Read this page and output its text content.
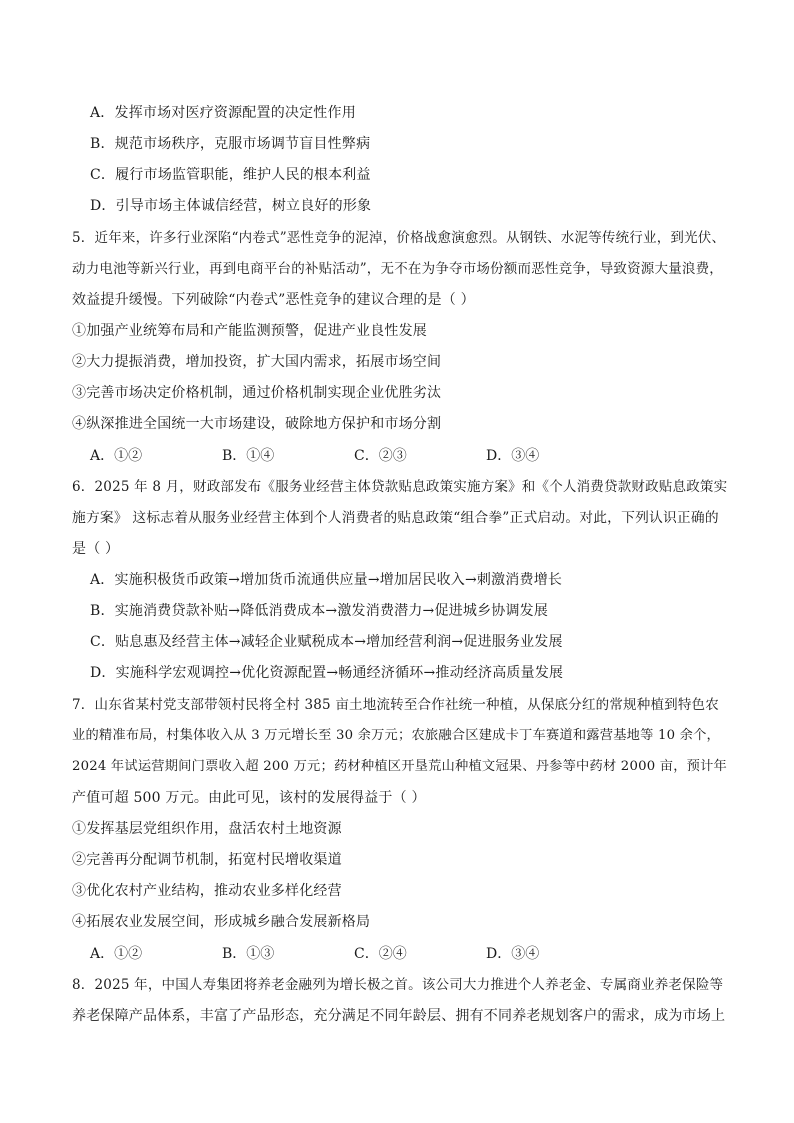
A．发挥市场对医疗资源配置的决定性作用
B．规范市场秩序，克服市场调节盲目性弊病
C．履行市场监管职能，维护人民的根本利益
D．引导市场主体诚信经营，树立良好的形象
5．近年来，许多行业深陷“内卷式”恶性竞争的泥淖，价格战愈演愈烈。从钢铁、水泥等传统行业，到光伏、
动力电池等新兴行业，再到电商平台的补贴活动”，无不在为争夺市场份额而恶性竞争，导致资源大量浪费，
效益提升缓慢。下列破除“内卷式”恶性竞争的建议合理的是（ ）
①加强产业统筹布局和产能监测预警，促进产业良性发展
②大力提振消费，增加投资，扩大国内需求，拓展市场空间
③完善市场决定价格机制，通过价格机制实现企业优胜劣汰
④纵深推进全国统一大市场建设，破除地方保护和市场分割
A．①②	B．①④	C．②③	D．③④
6．2025 年 8 月，财政部发布《服务业经营主体贷款贴息政策实施方案》和《个人消费贷款财政贴息政策实
施方案》 这标志着从服务业经营主体到个人消费者的贴息政策“组合拳”正式启动。对此，下列认识正确的
是（ ）
A．实施积极货币政策→增加货币流通供应量→增加居民收入→刺激消费增长
B．实施消费贷款补贴→降低消费成本→激发消费潜力→促进城乡协调发展
C．贴息惠及经营主体→减轻企业赋税成本→增加经营利润→促进服务业发展
D．实施科学宏观调控→优化资源配置→畅通经济循环→推动经济高质量发展
7．山东省某村党支部带领村民将全村 385 亩土地流转至合作社统一种植，从保底分红的常规种植到特色农
业的精准布局，村集体收入从 3 万元增长至 30 余万元；农旅融合区建成卡丁车赛道和露营基地等 10 余个，
2024 年试运营期间门票收入超 200 万元；药材种植区开垦荒山种植文冠果、丹参等中药材 2000 亩，预计年
产值可超 500 万元。由此可见，该村的发展得益于（ ）
①发挥基层党组织作用，盘活农村土地资源
②完善再分配调节机制，拓宽村民增收渠道
③优化农村产业结构，推动农业多样化经营
④拓展农业发展空间，形成城乡融合发展新格局
A．①②	B．①③	C．②④	D．③④
8．2025 年，中国人寿集团将养老金融列为增长极之首。该公司大力推进个人养老金、专属商业养老保险等
养老保障产品体系，丰富了产品形态，充分满足不同年龄层、拥有不同养老规划客户的需求，成为市场上
